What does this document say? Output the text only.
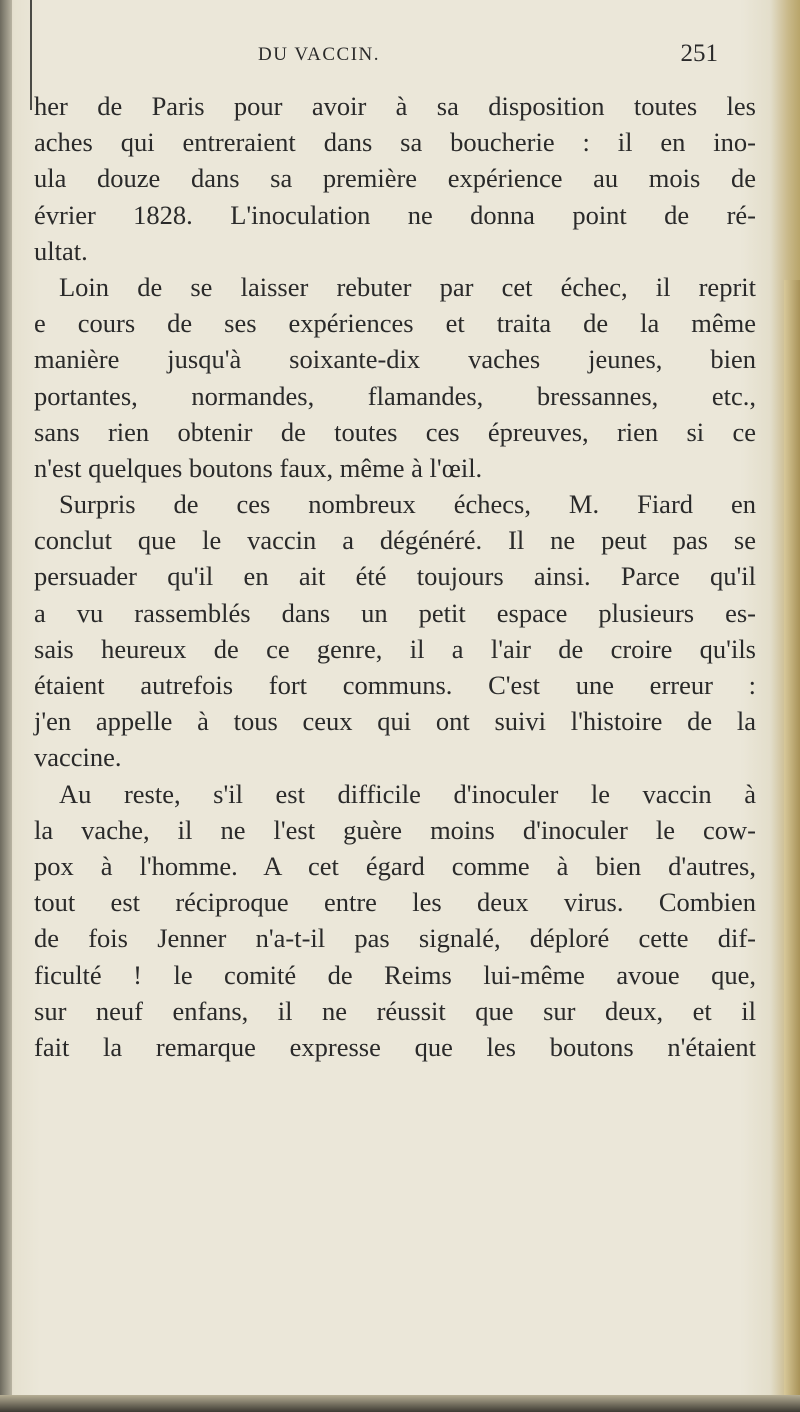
DU VACCIN.	251
her de Paris pour avoir à sa disposition toutes les
aches qui entreraient dans sa boucherie : il en ino-
ula douze dans sa première expérience au mois de
évrier 1828. L'inoculation ne donna point de ré-
ultat.
Loin de se laisser rebuter par cet échec, il reprit
e cours de ses expériences et traita de la même
manière jusqu'à soixante-dix vaches jeunes, bien
portantes, normandes, flamandes, bressannes, etc.,
sans rien obtenir de toutes ces épreuves, rien si ce
n'est quelques boutons faux, même à l'œil.
Surpris de ces nombreux échecs, M. Fiard en
conclut que le vaccin a dégénéré. Il ne peut pas se
persuader qu'il en ait été toujours ainsi. Parce qu'il
a vu rassemblés dans un petit espace plusieurs es-
sais heureux de ce genre, il a l'air de croire qu'ils
étaient autrefois fort communs. C'est une erreur :
j'en appelle à tous ceux qui ont suivi l'histoire de la
vaccine.
Au reste, s'il est difficile d'inoculer le vaccin à
la vache, il ne l'est guère moins d'inoculer le cow-
pox à l'homme. A cet égard comme à bien d'autres,
tout est réciproque entre les deux virus. Combien
de fois Jenner n'a-t-il pas signalé, déploré cette dif-
ficulté ! le comité de Reims lui-même avoue que,
sur neuf enfans, il ne réussit que sur deux, et il
fait la remarque expresse que les boutons n'étaient
